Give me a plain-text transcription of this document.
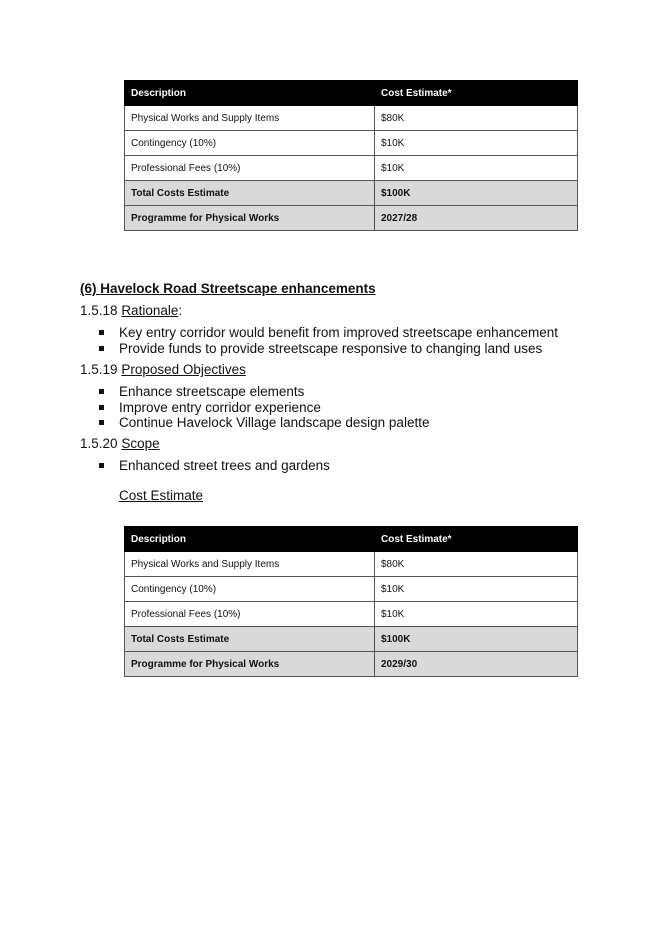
Description	Cost Estimate*
Physical Works and Supply Items	$80K
Contingency (10%)	$10K
Professional Fees (10%)	$10K
Total Costs Estimate	$100K
Programme for Physical Works	2027/28
(6) Havelock Road Streetscape enhancements
1.5.18 Rationale:
Key entry corridor would benefit from improved streetscape enhancement
Provide funds to provide streetscape responsive to changing land uses
1.5.19 Proposed Objectives
Enhance streetscape elements
Improve entry corridor experience
Continue Havelock Village landscape design palette
1.5.20 Scope
Enhanced street trees and gardens
Cost Estimate
Description	Cost Estimate*
Physical Works and Supply Items	$80K
Contingency (10%)	$10K
Professional Fees (10%)	$10K
Total Costs Estimate	$100K
Programme for Physical Works	2029/30
